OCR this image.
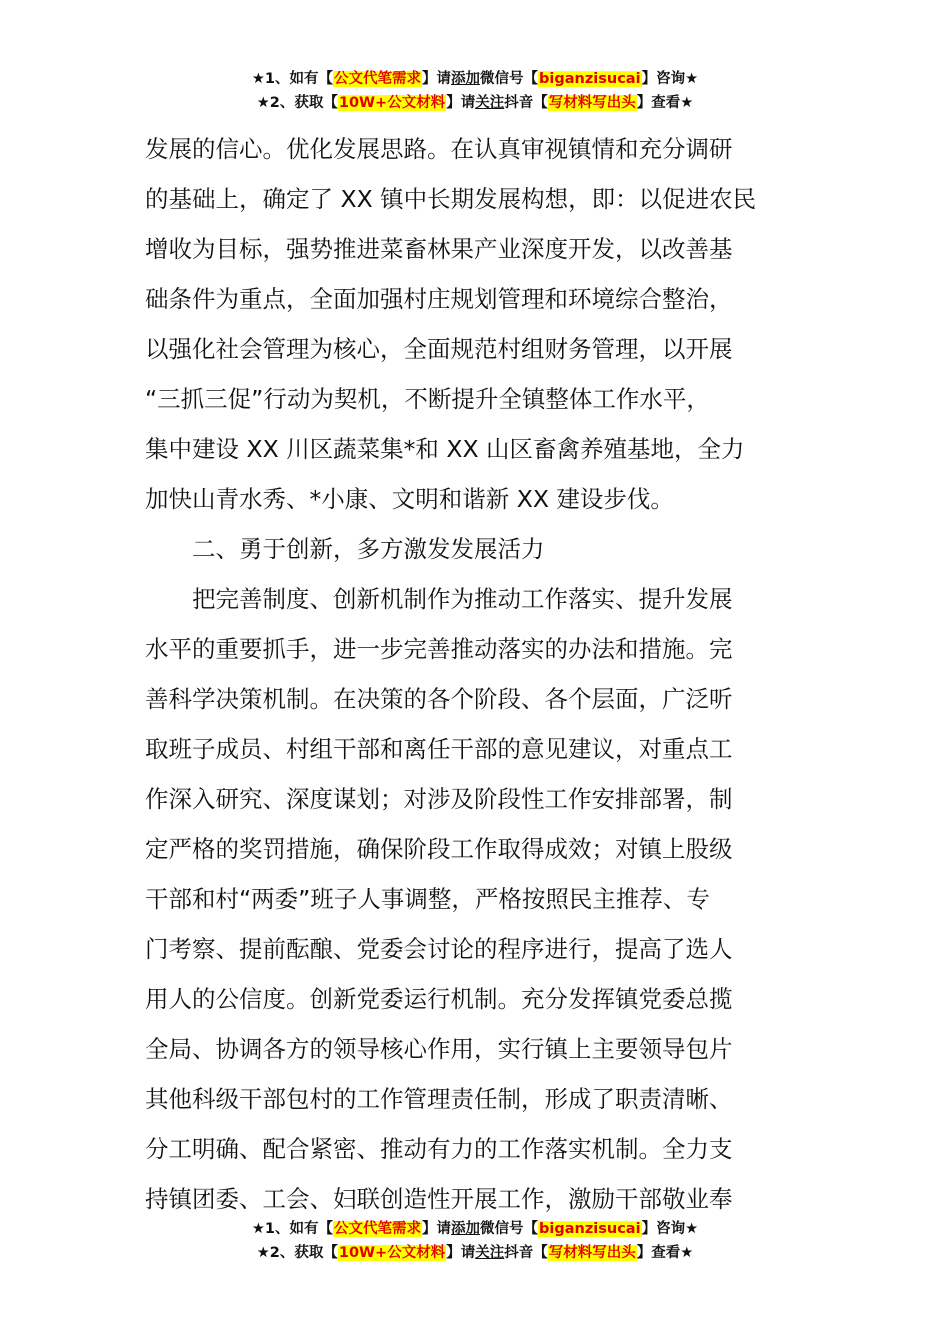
★1、如有【公文代笔需求】请添加微信号【biganzisucai】咨询★
★2、获取【10W+公文材料】请关注抖音【写材料写出头】查看★
发展的信心。优化发展思路。在认真审视镇情和充分调研
的基础上，确定了 XX 镇中长期发展构想，即：以促进农民
增收为目标，强势推进菜畜林果产业深度开发，以改善基
础条件为重点，全面加强村庄规划管理和环境综合整治，
以强化社会管理为核心，全面规范村组财务管理，以开展
“三抓三促”行动为契机，不断提升全镇整体工作水平，
集中建设 XX 川区蔬菜集*和 XX 山区畜禽养殖基地，全力
加快山青水秀、*小康、文明和谐新 XX 建设步伐。
二、勇于创新，多方激发发展活力
把完善制度、创新机制作为推动工作落实、提升发展
水平的重要抓手，进一步完善推动落实的办法和措施。完
善科学决策机制。在决策的各个阶段、各个层面，广泛听
取班子成员、村组干部和离任干部的意见建议，对重点工
作深入研究、深度谋划；对涉及阶段性工作安排部署，制
定严格的奖罚措施，确保阶段工作取得成效；对镇上股级
干部和村“两委”班子人事调整，严格按照民主推荐、专
门考察、提前酝酿、党委会讨论的程序进行，提高了选人
用人的公信度。创新党委运行机制。充分发挥镇党委总揽
全局、协调各方的领导核心作用，实行镇上主要领导包片
其他科级干部包村的工作管理责任制，形成了职责清晰、
分工明确、配合紧密、推动有力的工作落实机制。全力支
持镇团委、工会、妇联创造性开展工作，激励干部敬业奉
★1、如有【公文代笔需求】请添加微信号【biganzisucai】咨询★
★2、获取【10W+公文材料】请关注抖音【写材料写出头】查看★
